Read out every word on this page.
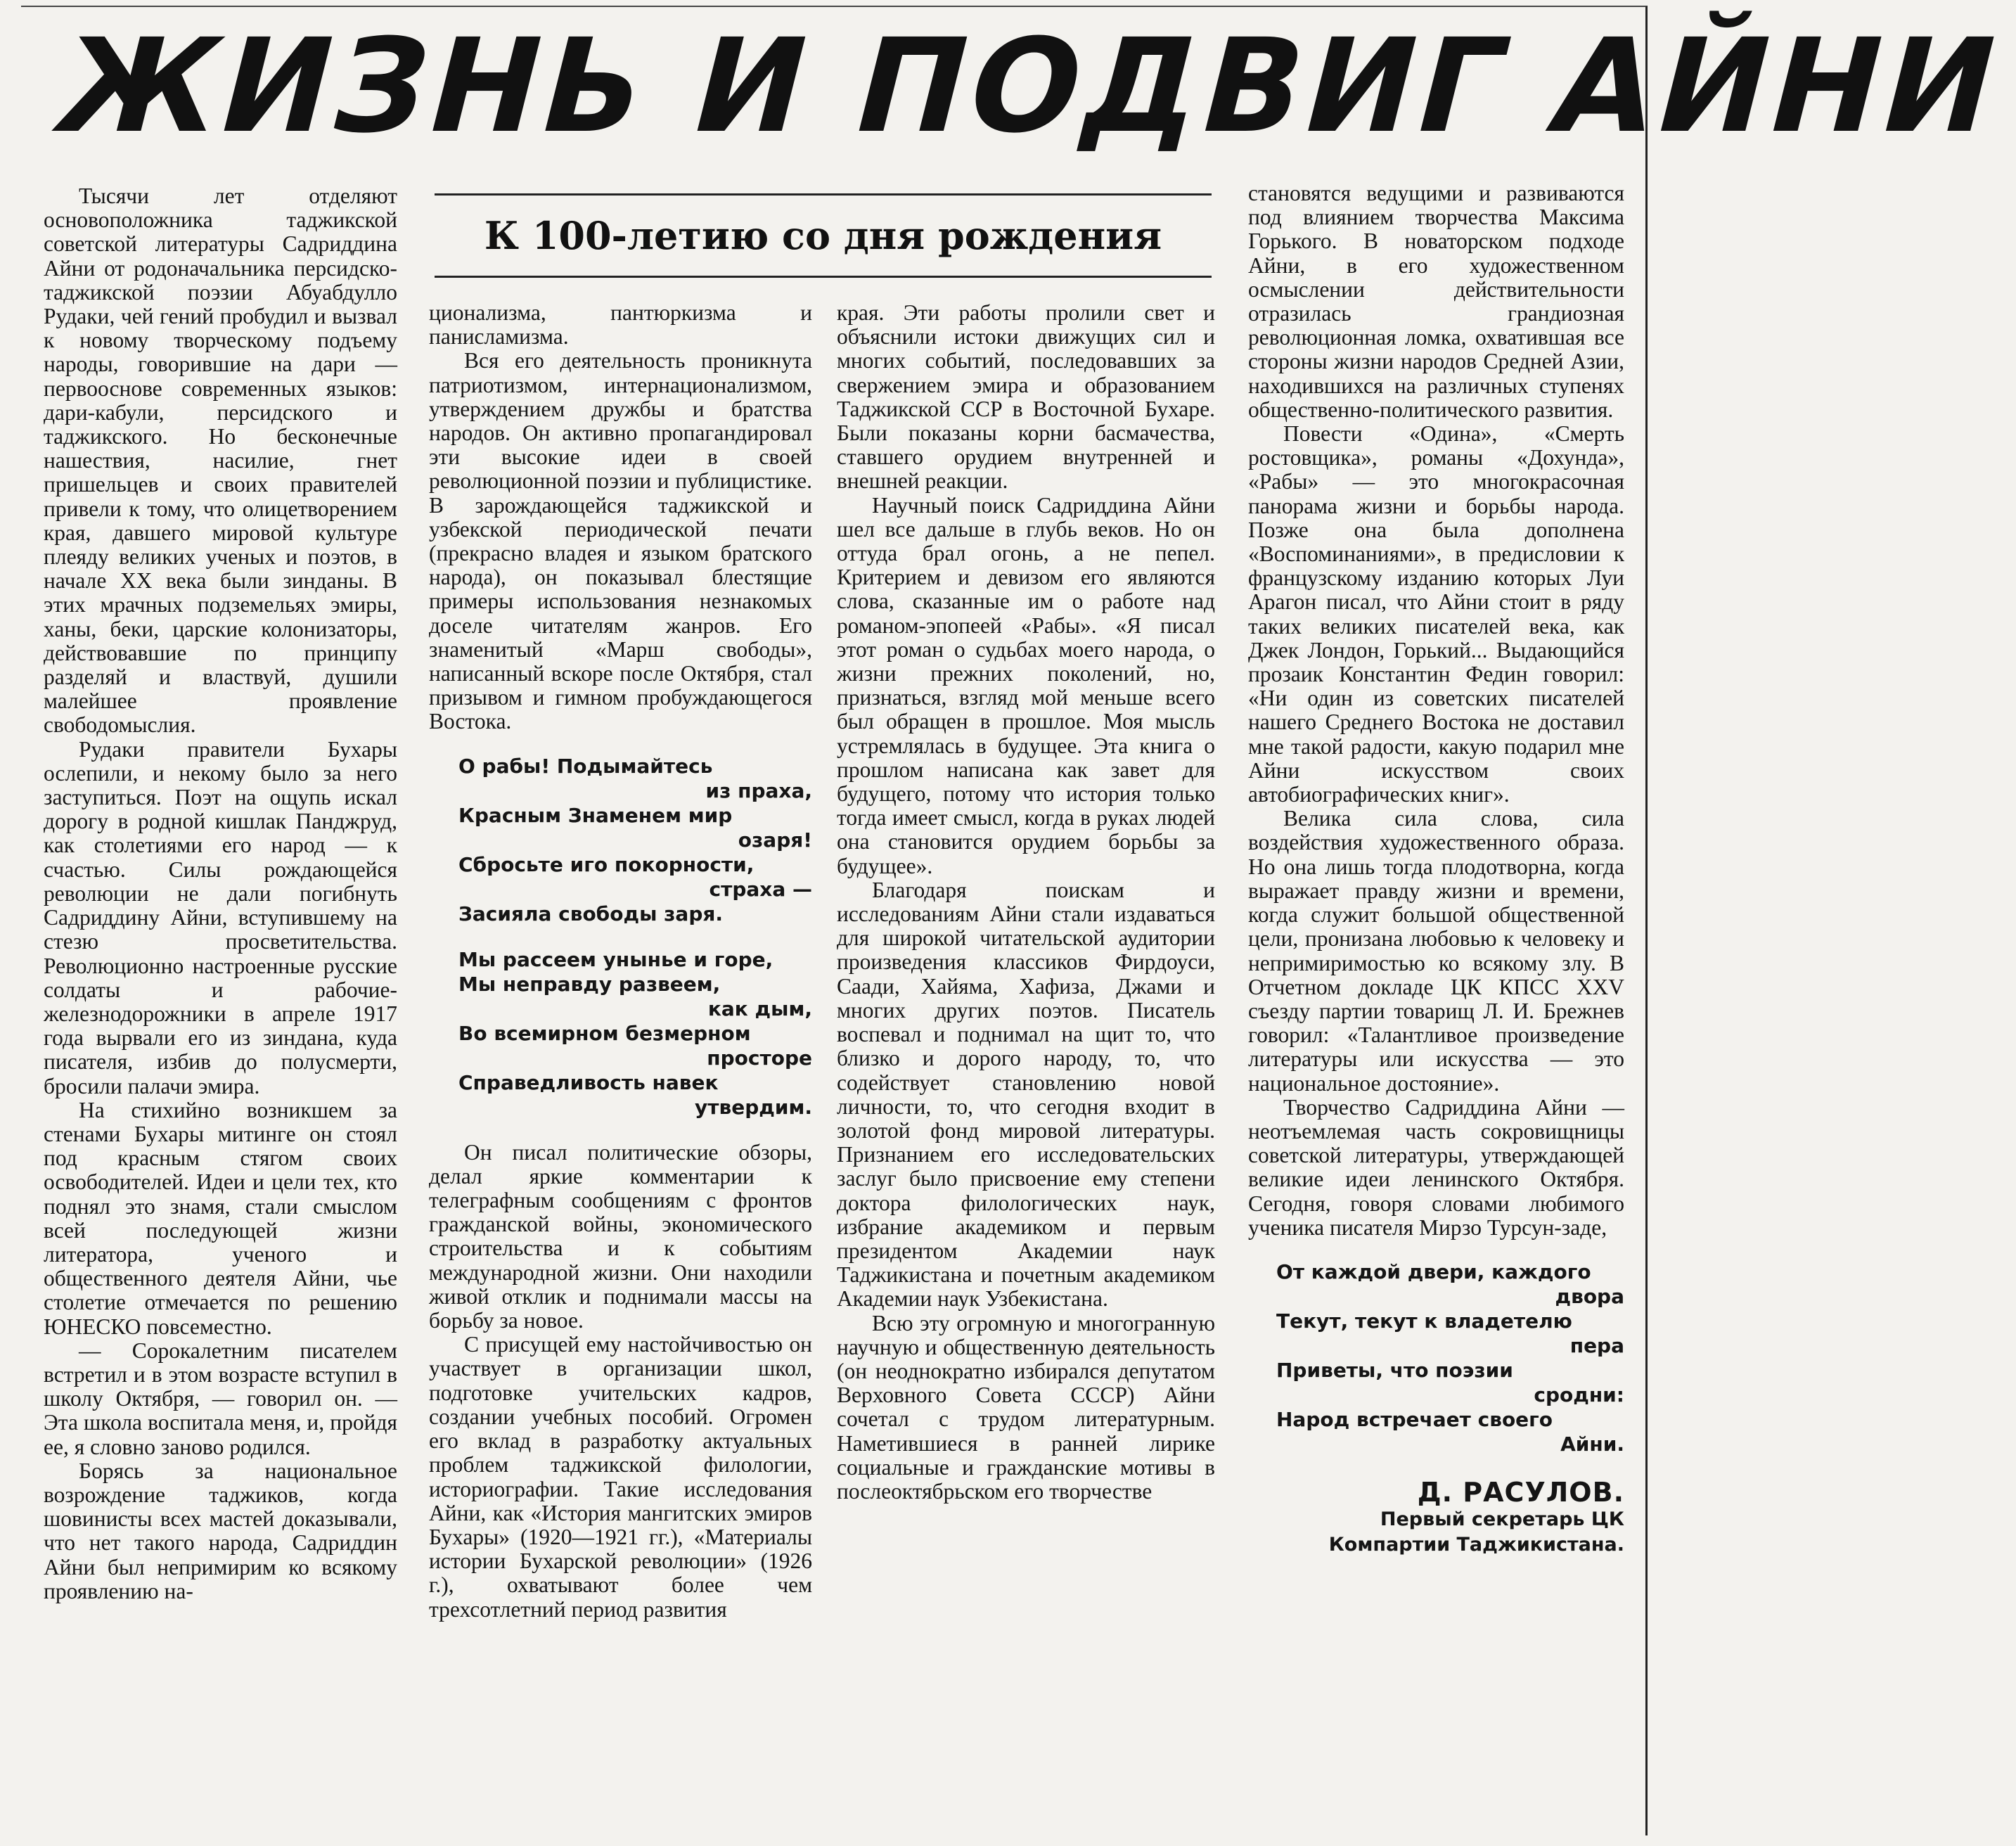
ЖИЗНЬ И ПОДВИГ АЙНИ
К 100-летию со дня рождения

Тысячи лет отделяют основоположника таджикской советской литературы Садриддина Айни от родоначальника персидско-таджикской поэзии Абуабдулло Рудаки, чей гений пробудил и вызвал к новому творческому подъему народы, говорившие на дари — первооснове современных языков: дари-кабули, персидского и таджикского. Но бесконечные нашествия, насилие, гнет пришельцев и своих правителей привели к тому, что олицетворением края, давшего мировой культуре плеяду великих ученых и поэтов, в начале XX века были зинданы. В этих мрачных подземельях эмиры, ханы, беки, царские колонизаторы, действовавшие по принципу разделяй и властвуй, душили малейшее проявление свободомыслия.

Рудаки правители Бухары ослепили, и некому было за него заступиться. Поэт на ощупь искал дорогу в родной кишлак Панджруд, как столетиями его народ — к счастью. Силы рождающейся революции не дали погибнуть Садриддину Айни, вступившему на стезю просветительства. Революционно настроенные русские солдаты и рабочие-железнодорожники в апреле 1917 года вырвали его из зиндана, куда писателя, избив до полусмерти, бросили палачи эмира.

На стихийно возникшем за стенами Бухары митинге он стоял под красным стягом своих освободителей. Идеи и цели тех, кто поднял это знамя, стали смыслом всей последующей жизни литератора, ученого и общественного деятеля Айни, чье столетие отмечается по решению ЮНЕСКО повсеместно.

— Сорокалетним писателем встретил и в этом возрасте вступил в школу Октября, — говорил он. — Эта школа воспитала меня, и, пройдя ее, я словно заново родился.

Борясь за национальное возрождение таджиков, когда шовинисты всех мастей доказывали, что нет такого народа, Садриддин Айни был непримирим ко всякому проявлению на-

ционализма, пантюркизма и панисламизма.

Вся его деятельность проникнута патриотизмом, интернационализмом, утверждением дружбы и братства народов. Он активно пропагандировал эти высокие идеи в своей революционной поэзии и публицистике. В зарождающейся таджикской и узбекской периодической печати (прекрасно владея и языком братского народа), он показывал блестящие примеры использования незнакомых доселе читателям жанров. Его знаменитый «Марш свободы», написанный вскоре после Октября, стал призывом и гимном пробуждающегося Востока.

О рабы! Подымайтесь
из праха,
Красным Знаменем мир
озаря!
Сбросьте иго покорности,
страха —
Засияла свободы заря.
Мы рассеем унынье и горе,
Мы неправду развеем,
как дым,
Во всемирном безмерном
просторе
Справедливость навек
утвердим.

Он писал политические обзоры, делал яркие комментарии к телеграфным сообщениям с фронтов гражданской войны, экономического строительства и к событиям международной жизни. Они находили живой отклик и поднимали массы на борьбу за новое.

С присущей ему настойчивостью он участвует в организации школ, подготовке учительских кадров, создании учебных пособий. Огромен его вклад в разработку актуальных проблем таджикской филологии, историографии. Такие исследования Айни, как «История мангитских эмиров Бухары» (1920—1921 гг.), «Материалы истории Бухарской революции» (1926 г.), охватывают более чем трехсотлетний период развития

края. Эти работы пролили свет и объяснили истоки движущих сил и многих событий, последовавших за свержением эмира и образованием Таджикской ССР в Восточной Бухаре. Были показаны корни басмачества, ставшего орудием внутренней и внешней реакции.

Научный поиск Садриддина Айни шел все дальше в глубь веков. Но он оттуда брал огонь, а не пепел. Критерием и девизом его являются слова, сказанные им о работе над романом-эпопеей «Рабы». «Я писал этот роман о судьбах моего народа, о жизни прежних поколений, но, признаться, взгляд мой меньше всего был обращен в прошлое. Моя мысль устремлялась в будущее. Эта книга о прошлом написана как завет для будущего, потому что история только тогда имеет смысл, когда в руках людей она становится орудием борьбы за будущее».

Благодаря поискам и исследованиям Айни стали издаваться для широкой читательской аудитории произведения классиков Фирдоуси, Саади, Хайяма, Хафиза, Джами и многих других поэтов. Писатель воспевал и поднимал на щит то, что близко и дорого народу, то, что содействует становлению новой личности, то, что сегодня входит в золотой фонд мировой литературы. Признанием его исследовательских заслуг было присвоение ему степени доктора филологических наук, избрание академиком и первым президентом Академии наук Таджикистана и почетным академиком Академии наук Узбекистана.

Всю эту огромную и многогранную научную и общественную деятельность (он неоднократно избирался депутатом Верховного Совета СССР) Айни сочетал с трудом литературным. Наметившиеся в ранней лирике социальные и гражданские мотивы в послеоктябрьском его творчестве

становятся ведущими и развиваются под влиянием творчества Максима Горького. В новаторском подходе Айни, в его художественном осмыслении действительности отразилась грандиозная революционная ломка, охватившая все стороны жизни народов Средней Азии, находившихся на различных ступенях общественно-политического развития.

Повести «Одина», «Смерть ростовщика», романы «Дохунда», «Рабы» — это многокрасочная панорама жизни и борьбы народа. Позже она была дополнена «Воспоминаниями», в предисловии к французскому изданию которых Луи Арагон писал, что Айни стоит в ряду таких великих писателей века, как Джек Лондон, Горький... Выдающийся прозаик Константин Федин говорил: «Ни один из советских писателей нашего Среднего Востока не доставил мне такой радости, какую подарил мне Айни искусством своих автобиографических книг».

Велика сила слова, сила воздействия художественного образа. Но она лишь тогда плодотворна, когда выражает правду жизни и времени, когда служит большой общественной цели, пронизана любовью к человеку и непримиримостью ко всякому злу. В Отчетном докладе ЦК КПСС XXV съезду партии товарищ Л. И. Брежнев говорил: «Талантливое произведение литературы или искусства — это национальное достояние».

Творчество Садриддина Айни — неотъемлемая часть сокровищницы советской литературы, утверждающей великие идеи ленинского Октября. Сегодня, говоря словами любимого ученика писателя Мирзо Турсун-заде,

От каждой двери, каждого
двора
Текут, текут к владетелю
пера
Приветы, что поэзии
сродни:
Народ встречает своего
Айни.
Д. РАСУЛОВ.
Первый секретарь ЦК
Компартии Таджикистана.
